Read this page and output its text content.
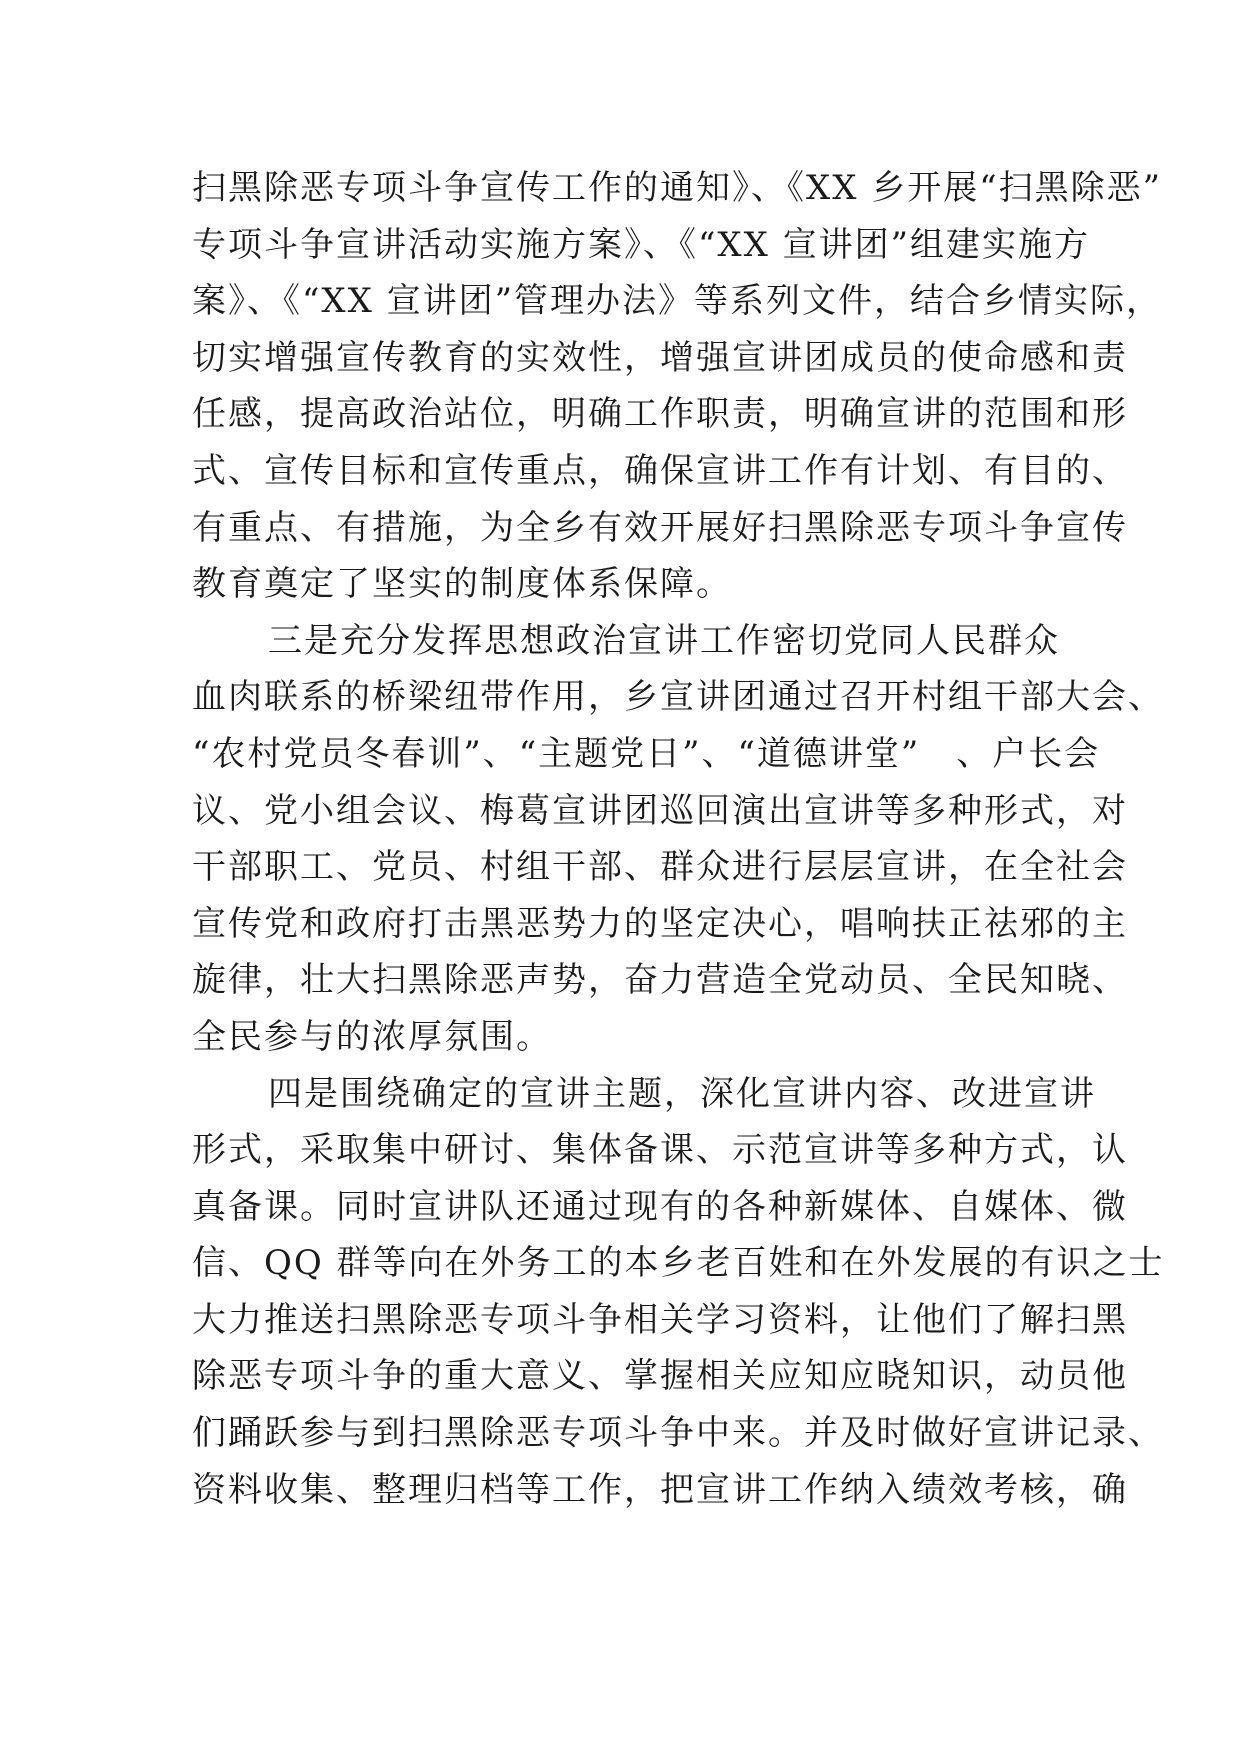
扫黑除恶专项斗争宣传工作的通知》、《XX 乡开展“扫黑除恶”
专项斗争宣讲活动实施方案》、《“XX 宣讲团”组建实施方
案》、《“XX 宣讲团”管理办法》等系列文件，结合乡情实际，
切实增强宣传教育的实效性，增强宣讲团成员的使命感和责
任感，提高政治站位，明确工作职责，明确宣讲的范围和形
式、宣传目标和宣传重点，确保宣讲工作有计划、有目的、
有重点、有措施，为全乡有效开展好扫黑除恶专项斗争宣传
教育奠定了坚实的制度体系保障。
三是充分发挥思想政治宣讲工作密切党同人民群众
血肉联系的桥梁纽带作用，乡宣讲团通过召开村组干部大会、
“农村党员冬春训”、“主题党日”、“道德讲堂”　、户长会
议、党小组会议、梅葛宣讲团巡回演出宣讲等多种形式，对
干部职工、党员、村组干部、群众进行层层宣讲，在全社会
宣传党和政府打击黑恶势力的坚定决心，唱响扶正祛邪的主
旋律，壮大扫黑除恶声势，奋力营造全党动员、全民知晓、
全民参与的浓厚氛围。
四是围绕确定的宣讲主题，深化宣讲内容、改进宣讲
形式，采取集中研讨、集体备课、示范宣讲等多种方式，认
真备课。同时宣讲队还通过现有的各种新媒体、自媒体、微
信、QQ 群等向在外务工的本乡老百姓和在外发展的有识之士
大力推送扫黑除恶专项斗争相关学习资料，让他们了解扫黑
除恶专项斗争的重大意义、掌握相关应知应晓知识，动员他
们踊跃参与到扫黑除恶专项斗争中来。并及时做好宣讲记录、
资料收集、整理归档等工作，把宣讲工作纳入绩效考核，确
